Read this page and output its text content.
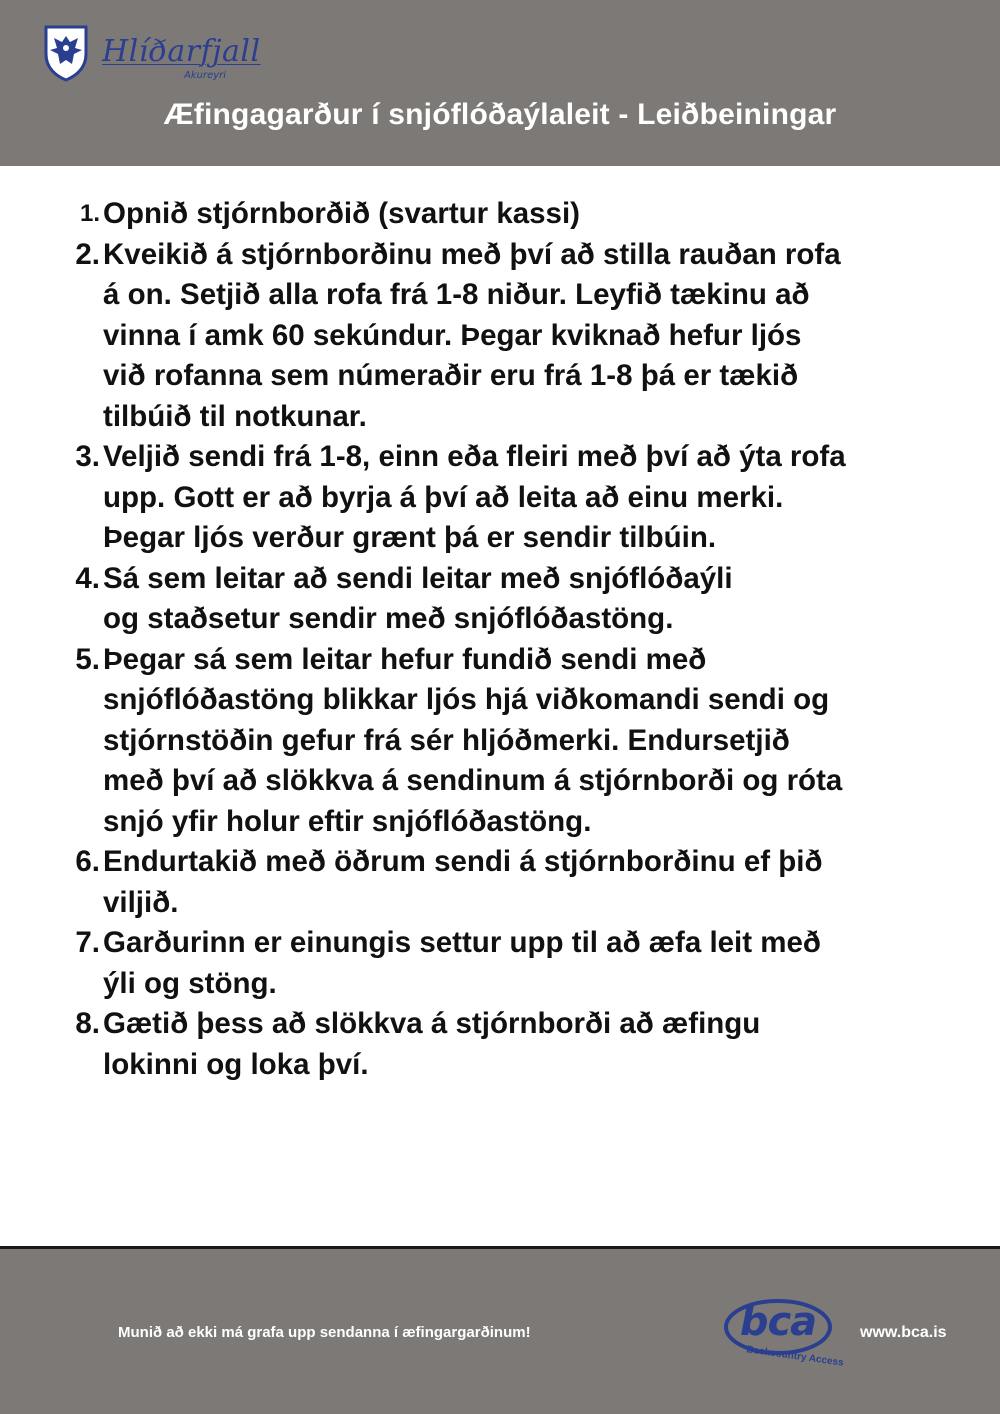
Hlíðarfjall
Akureyri
Æfingagarður í snjóflóðaýlaleit - Leiðbeiningar
1. Opnið stjórnborðið (svartur kassi)
2. Kveikið á stjórnborðinu með því að stilla rauðan rofa
á on. Setjið alla rofa frá 1-8 niður. Leyfið tækinu að
vinna í amk 60 sekúndur. Þegar kviknað hefur ljós
við rofanna sem númeraðir eru frá 1-8 þá er tækið
tilbúið til notkunar.
3. Veljið sendi frá 1-8, einn eða fleiri með því að ýta rofa
upp. Gott er að byrja á því að leita að einu merki.
Þegar ljós verður grænt þá er sendir tilbúin.
4. Sá sem leitar að sendi leitar með snjóflóðaýli
og staðsetur sendir með snjóflóðastöng.
5. Þegar sá sem leitar hefur fundið sendi með
snjóflóðastöng blikkar ljós hjá viðkomandi sendi og
stjórnstöðin gefur frá sér hljóðmerki. Endursetjið
með því að slökkva á sendinum á stjórnborði og róta
snjó yfir holur eftir snjóflóðastöng.
6. Endurtakið með öðrum sendi á stjórnborðinu ef þið
viljið.
7. Garðurinn er einungis settur upp til að æfa leit með
ýli og stöng.
8. Gætið þess að slökkva á stjórnborði að æfingu
lokinni og loka því.
Munið að ekki má grafa upp sendanna í æfingargarðinum!	bca
Backcountry Access
www.bca.is
